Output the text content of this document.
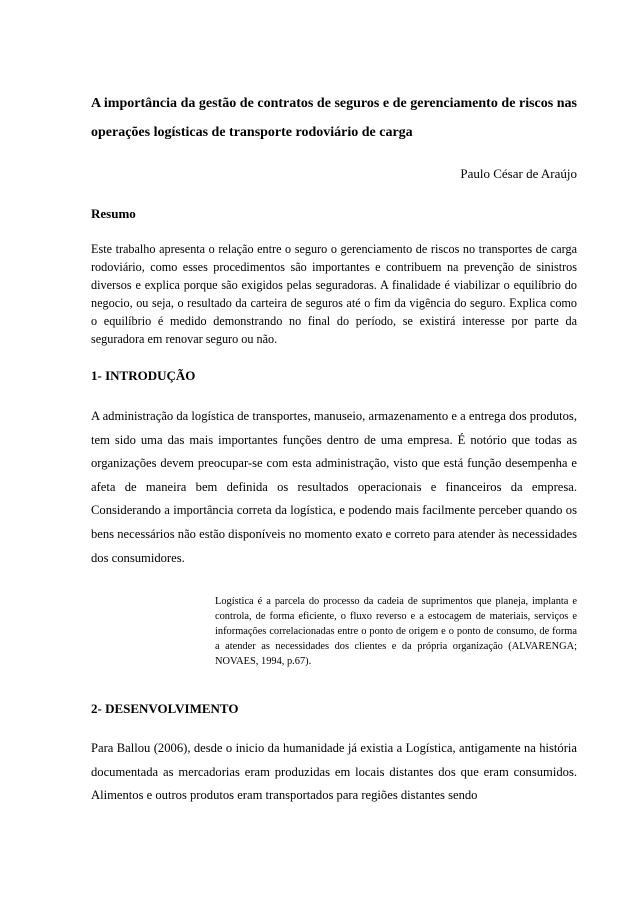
A importância da gestão de contratos de seguros e de gerenciamento de riscos nas operações logísticas de transporte rodoviário de carga

Paulo César de Araújo

Resumo

Este trabalho apresenta o relação entre o seguro o gerenciamento de riscos no transportes de carga rodoviário, como esses procedimentos são importantes e contribuem na prevenção de sinistros diversos e explica porque são exigidos pelas seguradoras. A finalidade é viabilizar o equilíbrio do negocio, ou seja, o resultado da carteira de seguros até o fim da vigência do seguro. Explica como o equilíbrio é medido demonstrando no final do período, se existirá interesse por parte da seguradora em renovar seguro ou não.

1- INTRODUÇÃO

A administração da logística de transportes, manuseio, armazenamento e a entrega dos produtos, tem sido uma das mais importantes funções dentro de uma empresa. É notório que todas as organizações devem preocupar-se com esta administração, visto que está função desempenha e afeta de maneira bem definida os resultados operacionais e financeiros da empresa. Considerando a importância correta da logística, e podendo mais facilmente perceber quando os bens necessários não estão disponíveis no momento exato e correto para atender às necessidades dos consumidores.

Logística é a parcela do processo da cadeia de suprimentos que planeja, implanta e controla, de forma eficiente, o fluxo reverso e a estocagem de materiais, serviços e informações correlacionadas entre o ponto de origem e o ponto de consumo, de forma a atender as necessidades dos clientes e da própria organização (ALVARENGA; NOVAES, 1994, p.67).

2- DESENVOLVIMENTO

Para Ballou (2006), desde o inicio da humanidade já existia a Logística, antigamente na história documentada as mercadorias eram produzidas em locais distantes dos que eram consumidos. Alimentos e outros produtos eram transportados para regiões distantes sendo
